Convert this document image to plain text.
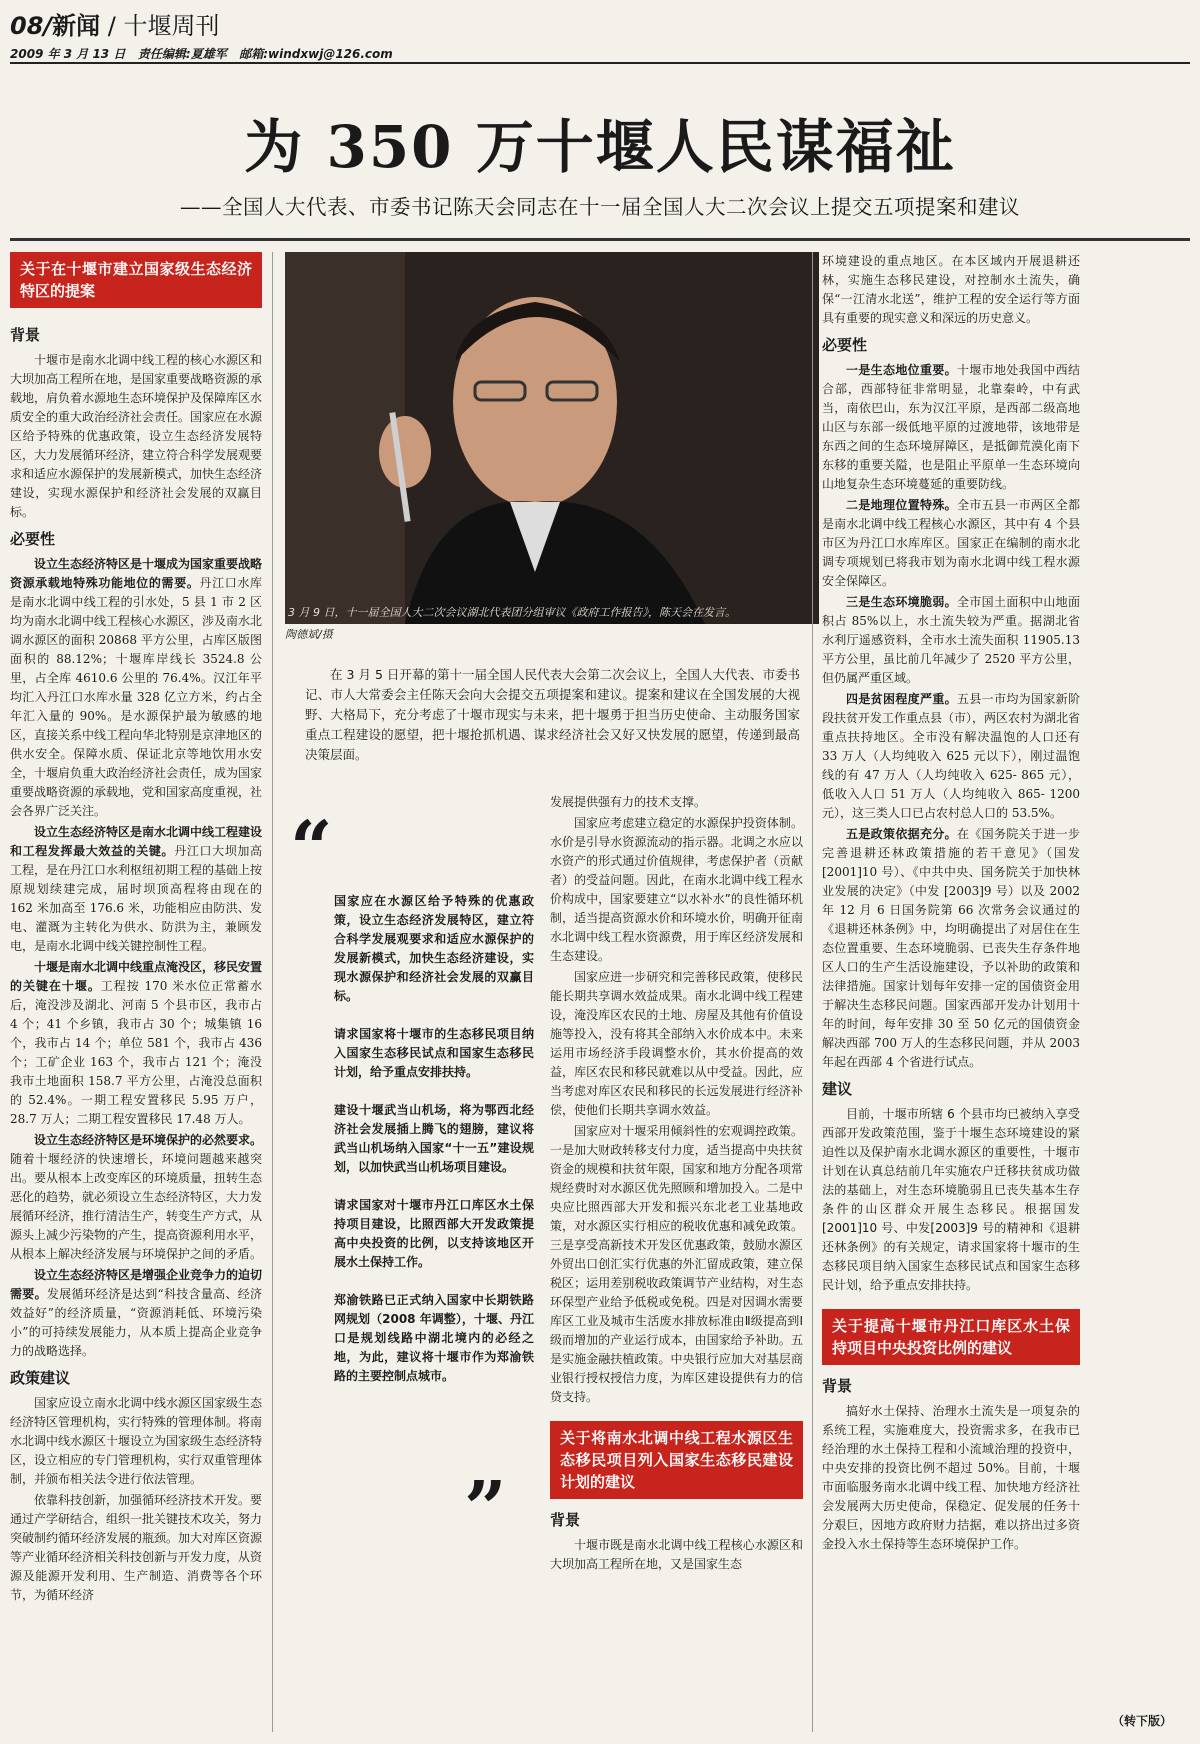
08/新闻 / 十堰周刊
2009 年 3 月 13 日 责任编辑:夏雄军 邮箱:windxwj@126.com
为 350 万十堰人民谋福祉
——全国人大代表、市委书记陈天会同志在十一届全国人大二次会议上提交五项提案和建议
关于在十堰市建立国家级生态经济特区的提案
背景

十堰市是南水北调中线工程的核心水源区和大坝加高工程所在地，是国家重要战略资源的承载地，肩负着水源地生态环境保护及保障库区水质安全的重大政治经济社会责任。国家应在水源区给予特殊的优惠政策，设立生态经济发展特区，大力发展循环经济，建立符合科学发展观要求和适应水源保护的发展新模式，加快生态经济建设，实现水源保护和经济社会发展的双赢目标。

必要性

设立生态经济特区是十堰成为国家重要战略资源承载地特殊功能地位的需要。丹江口水库是南水北调中线工程的引水处，5 县 1 市 2 区均为南水北调中线工程核心水源区，涉及南水北调水源区的面积 20868 平方公里，占库区版图面积的 88.12%；十堰库岸线长 3524.8 公里，占全库 4610.6 公里的 76.4%。汉江年平均汇入丹江口水库水量 328 亿立方米，约占全年汇入量的 90%。是水源保护最为敏感的地区，直接关系中线工程向华北特别是京津地区的供水安全。保障水质、保证北京等地饮用水安全，十堰肩负重大政治经济社会责任，成为国家重要战略资源的承载地，党和国家高度重视，社会各界广泛关注。

设立生态经济特区是南水北调中线工程建设和工程发挥最大效益的关键。丹江口大坝加高工程，是在丹江口水利枢纽初期工程的基础上按原规划续建完成，届时坝顶高程将由现在的 162 米加高至 176.6 米，功能相应由防洪、发电、灌溉为主转化为供水、防洪为主，兼顾发电，是南水北调中线关键控制性工程。

十堰是南水北调中线重点淹没区，移民安置的关键在十堰。工程按 170 米水位正常蓄水后，淹没涉及湖北、河南 5 个县市区，我市占 4 个；41 个乡镇，我市占 30 个；城集镇 16 个，我市占 14 个；单位 581 个，我市占 436 个；工矿企业 163 个，我市占 121 个；淹没我市土地面积 158.7 平方公里，占淹没总面积的 52.4%。一期工程安置移民 5.95 万户，28.7 万人；二期工程安置移民 17.48 万人。

设立生态经济特区是环境保护的必然要求。随着十堰经济的快速增长，环境问题越来越突出。要从根本上改变库区的环境质量，扭转生态恶化的趋势，就必须设立生态经济特区，大力发展循环经济，推行清洁生产，转变生产方式，从源头上减少污染物的产生，提高资源利用水平，从根本上解决经济发展与环境保护之间的矛盾。

设立生态经济特区是增强企业竞争力的迫切需要。发展循环经济是达到“科技含量高、经济效益好”的经济质量，“资源消耗低、环境污染小”的可持续发展能力，从本质上提高企业竞争力的战略选择。

政策建议

国家应设立南水北调中线水源区国家级生态经济特区管理机构，实行特殊的管理体制。将南水北调中线水源区十堰设立为国家级生态经济特区，设立相应的专门管理机构，实行双重管理体制，并颁布相关法令进行依法管理。

依靠科技创新，加强循环经济技术开发。要通过产学研结合，组织一批关键技术攻关，努力突破制约循环经济发展的瓶颈。加大对库区资源等产业循环经济相关科技创新与开发力度，从资源及能源开发利用、生产制造、消费等各个环节，为循环经济

3 月 9 日，十一届全国人大二次会议湖北代表团分组审议《政府工作报告》，陈天会在发言。
陶德斌/摄
在 3 月 5 日开幕的第十一届全国人民代表大会第二次会议上，全国人大代表、市委书记、市人大常委会主任陈天会向大会提交五项提案和建议。提案和建议在全国发展的大视野、大格局下，充分考虑了十堰市现实与未来，把十堰勇于担当历史使命、主动服务国家重点工程建设的愿望，把十堰抢抓机遇、谋求经济社会又好又快发展的愿望，传递到最高决策层面。
“

国家应在水源区给予特殊的优惠政策，设立生态经济发展特区，建立符合科学发展观要求和适应水源保护的发展新模式，加快生态经济建设，实现水源保护和经济社会发展的双赢目标。

请求国家将十堰市的生态移民项目纳入国家生态移民试点和国家生态移民计划，给予重点安排扶持。

建设十堰武当山机场，将为鄂西北经济社会发展插上腾飞的翅膀，建议将武当山机场纳入国家“十一五”建设规划，以加快武当山机场项目建设。

请求国家对十堰市丹江口库区水土保持项目建设，比照西部大开发政策提高中央投资的比例，以支持该地区开展水土保持工作。

郑渝铁路已正式纳入国家中长期铁路网规划（2008 年调整），十堰、丹江口是规划线路中湖北境内的必经之地，为此，建议将十堰市作为郑渝铁路的主要控制点城市。

”

发展提供强有力的技术支撑。

国家应考虑建立稳定的水源保护投资体制。水价是引导水资源流动的指示器。北调之水应以水资产的形式通过价值规律，考虑保护者（贡献者）的受益问题。因此，在南水北调中线工程水价构成中，国家要建立“以水补水”的良性循环机制，适当提高资源水价和环境水价，明确开征南水北调中线工程水资源费，用于库区经济发展和生态建设。

国家应进一步研究和完善移民政策，使移民能长期共享调水效益成果。南水北调中线工程建设，淹没库区农民的土地、房屋及其他有价值设施等投入，没有将其全部纳入水价成本中。未来运用市场经济手段调整水价，其水价提高的效益，库区农民和移民就难以从中受益。因此，应当考虑对库区农民和移民的长远发展进行经济补偿，使他们长期共享调水效益。

国家应对十堰采用倾斜性的宏观调控政策。一是加大财政转移支付力度，适当提高中央扶贫资金的规模和扶贫年限，国家和地方分配各项常规经费时对水源区优先照顾和增加投入。二是中央应比照西部大开发和振兴东北老工业基地政策，对水源区实行相应的税收优惠和减免政策。三是享受高新技术开发区优惠政策，鼓励水源区外贸出口创汇实行优惠的外汇留成政策，建立保税区；运用差别税收政策调节产业结构，对生态环保型产业给予低税或免税。四是对因调水需要库区工业及城市生活废水排放标准由Ⅱ级提高到Ⅰ级而增加的产业运行成本，由国家给予补助。五是实施金融扶植政策。中央银行应加大对基层商业银行授权授信力度，为库区建设提供有力的信贷支持。

关于将南水北调中线工程水源区生态移民项目列入国家生态移民建设计划的建议
背景

十堰市既是南水北调中线工程核心水源区和大坝加高工程所在地，又是国家生态

环境建设的重点地区。在本区域内开展退耕还林，实施生态移民建设，对控制水土流失，确保“一江清水北送”，维护工程的安全运行等方面具有重要的现实意义和深远的历史意义。

必要性

一是生态地位重要。十堰市地处我国中西结合部，西部特征非常明显，北靠秦岭，中有武当，南依巴山，东为汉江平原，是西部二级高地山区与东部一级低地平原的过渡地带，该地带是东西之间的生态环境屏障区，是抵御荒漠化南下东移的重要关隘，也是阻止平原单一生态环境向山地复杂生态环境蔓延的重要防线。

二是地理位置特殊。全市五县一市两区全都是南水北调中线工程核心水源区，其中有 4 个县市区为丹江口水库库区。国家正在编制的南水北调专项规划已将我市划为南水北调中线工程水源安全保障区。

三是生态环境脆弱。全市国土面积中山地面积占 85%以上，水土流失较为严重。据湖北省水利厅遥感资料，全市水土流失面积 11905.13 平方公里，虽比前几年减少了 2520 平方公里，但仍属严重区域。

四是贫困程度严重。五县一市均为国家新阶段扶贫开发工作重点县（市），两区农村为湖北省重点扶持地区。全市没有解决温饱的人口还有 33 万人（人均纯收入 625 元以下），刚过温饱线的有 47 万人（人均纯收入 625- 865 元），低收入人口 51 万人（人均纯收入 865- 1200 元），这三类人口已占农村总人口的 53.5%。

五是政策依据充分。在《国务院关于进一步完善退耕还林政策措施的若干意见》（国发[2001]10 号）、《中共中央、国务院关于加快林业发展的决定》（中发 [2003]9 号）以及 2002 年 12 月 6 日国务院第 66 次常务会议通过的《退耕还林条例》中，均明确提出了对居住在生态位置重要、生态环境脆弱、已丧失生存条件地区人口的生产生活设施建设，予以补助的政策和法律措施。国家计划每年安排一定的国债资金用于解决生态移民问题。国家西部开发办计划用十年的时间，每年安排 30 至 50 亿元的国债资金解决西部 700 万人的生态移民问题，并从 2003 年起在西部 4 个省进行试点。

建议

目前，十堰市所辖 6 个县市均已被纳入享受西部开发政策范围，鉴于十堰生态环境建设的紧迫性以及保护南水北调水源区的重要性，十堰市计划在认真总结前几年实施农户迁移扶贫成功做法的基础上，对生态环境脆弱且已丧失基本生存条件的山区群众开展生态移民。根据国发[2001]10 号、中发[2003]9 号的精神和《退耕还林条例》的有关规定，请求国家将十堰市的生态移民项目纳入国家生态移民试点和国家生态移民计划，给予重点安排扶持。

关于提高十堰市丹江口库区水土保持项目中央投资比例的建议
背景

搞好水土保持、治理水土流失是一项复杂的系统工程，实施难度大，投资需求多，在我市已经治理的水土保持工程和小流域治理的投资中，中央安排的投资比例不超过 50%。目前，十堰市面临服务南水北调中线工程、加快地方经济社会发展两大历史使命，保稳定、促发展的任务十分艰巨，因地方政府财力拮据，难以挤出过多资金投入水土保持等生态环境保护工作。

（转下版）
